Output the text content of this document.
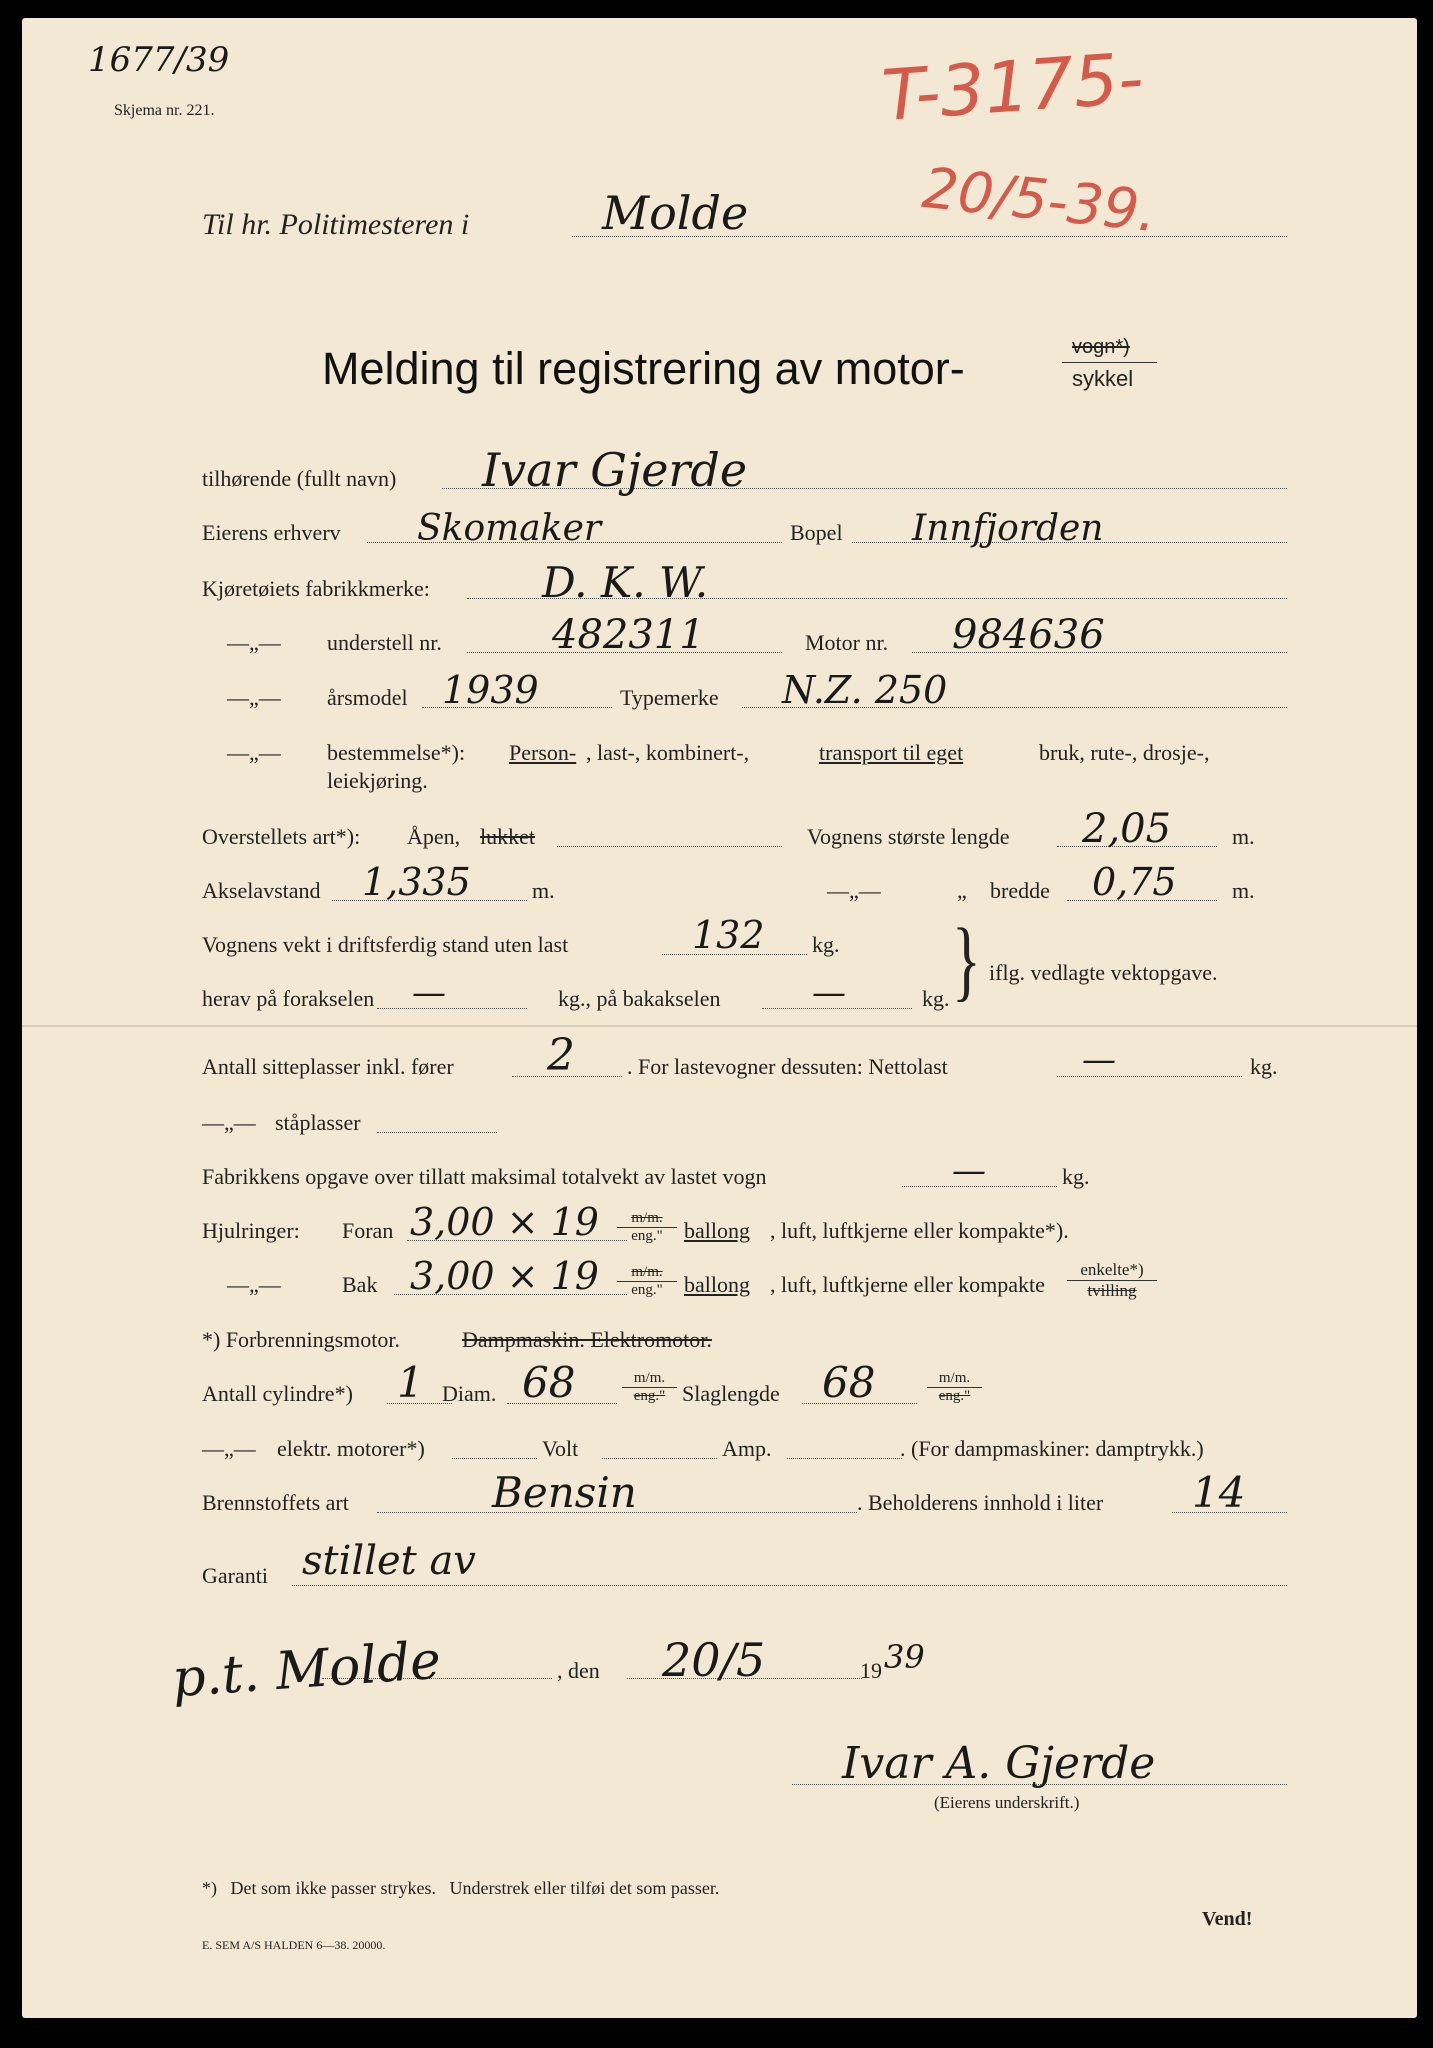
1677/39
Skjema nr. 221.	T-3175-
20/5-39.
Til hr. Politimesteren i	Molde
Melding til registrering av motor-	vogn*)
sykkel
tilhørende (fullt navn) Ivar Gjerde
Eierens erhverv Skomaker	Bopel Innfjorden
Kjøretøiets fabrikkmerke:	D. K. W.
—„— understell nr.	482311	Motor nr. 984636
—„— årsmodel 1939	Typemerke N.Z. 250
—„— bestemmelse*): Person- , last-, kombinert-,	transport til eget	bruk, rute-, drosje-,
leiekjøring.
Overstellets art*): Åpen, lukket	Vognens største lengde 2,05	m.
Akselavstand 1,335	m.	—„—	„ bredde 0,75	m.
Vognens vekt i driftsferdig stand uten last	132 kg.
herav på forakselen —	kg., på bakakselen	—	kg. } iflg. vedlagte vektopgave.
Antall sitteplasser inkl. fører 2 . For lastevogner dessuten: Nettolast	—	kg.
—„— ståplasser
Fabrikkens opgave over tillatt maksimal totalvekt av lastet vogn	—	kg.
Hjulringer: Foran 3,00 × 19	m/m.
eng." ballong , luft, luftkjerne eller kompakte*).
—„—	Bak 3,00 × 19	m/m.
eng." ballong , luft, luftkjerne eller kompakte
enkelte*)
tvilling
*) Forbrenningsmotor.	Dampmaskin. Elektromotor.
Antall cylindre*) 1 Diam. 68	m/m.
eng." Slaglengde 68	m/m.
eng."
—„— elektr. motorer*)	Volt	Amp.	. (For dampmaskiner: damptrykk.)
Brennstoffets art	Bensin	. Beholderens innhold i liter 14
Garanti stillet av
p.t. Molde	, den 20/5	19 39
Ivar A. Gjerde
(Eierens underskrift.)
*)   Det som ikke passer strykes.   Understrek eller tilføi det som passer.
E. SEM A/S HALDEN 6—38. 20000.
Vend!
